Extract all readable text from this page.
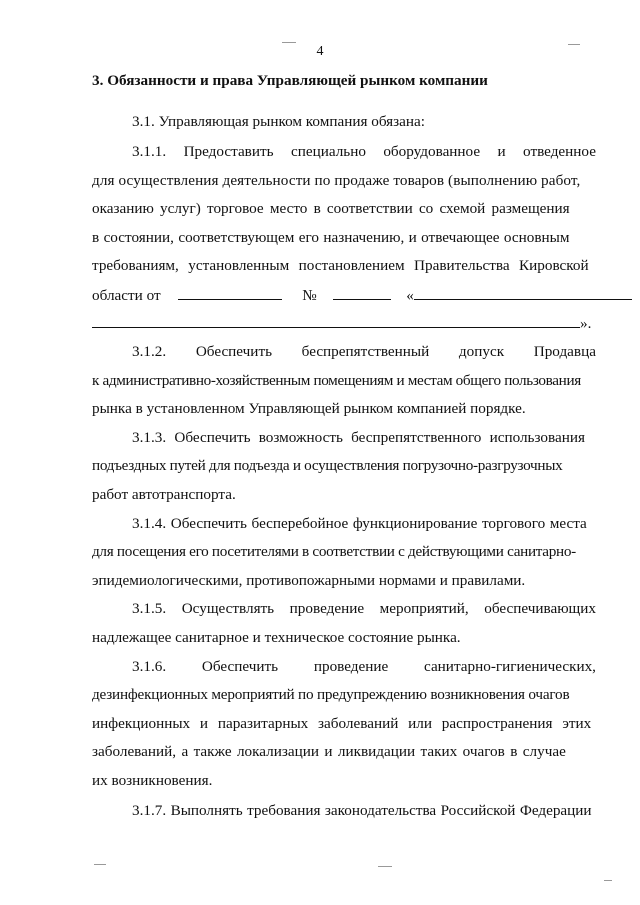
4
3. Обязанности и права Управляющей рынком компании
3.1. Управляющая рынком компания обязана:
3.1.1. Предоставить специально оборудованное и отведенное
для осуществления деятельности по продаже товаров (выполнению работ,
оказанию услуг) торговое место в соответствии со схемой размещения
в состоянии, соответствующем его назначению, и отвечающее основным
требованиям, установленным постановлением Правительства Кировской
области от	№	«
».
3.1.2. Обеспечить беспрепятственный допуск Продавца
к административно-хозяйственным помещениям и местам общего пользования
рынка в установленном Управляющей рынком компанией порядке.
3.1.3. Обеспечить возможность беспрепятственного использования
подъездных путей для подъезда и осуществления погрузочно-разгрузочных
работ автотранспорта.
3.1.4. Обеспечить бесперебойное функционирование торгового места
для посещения его посетителями в соответствии с действующими санитарно-
эпидемиологическими, противопожарными нормами и правилами.
3.1.5. Осуществлять проведение мероприятий, обеспечивающих
надлежащее санитарное и техническое состояние рынка.
3.1.6. Обеспечить проведение санитарно-гигиенических,
дезинфекционных мероприятий по предупреждению возникновения очагов
инфекционных и паразитарных заболеваний или распространения этих
заболеваний, а также локализации и ликвидации таких очагов в случае
их возникновения.
3.1.7. Выполнять требования законодательства Российской Федерации
